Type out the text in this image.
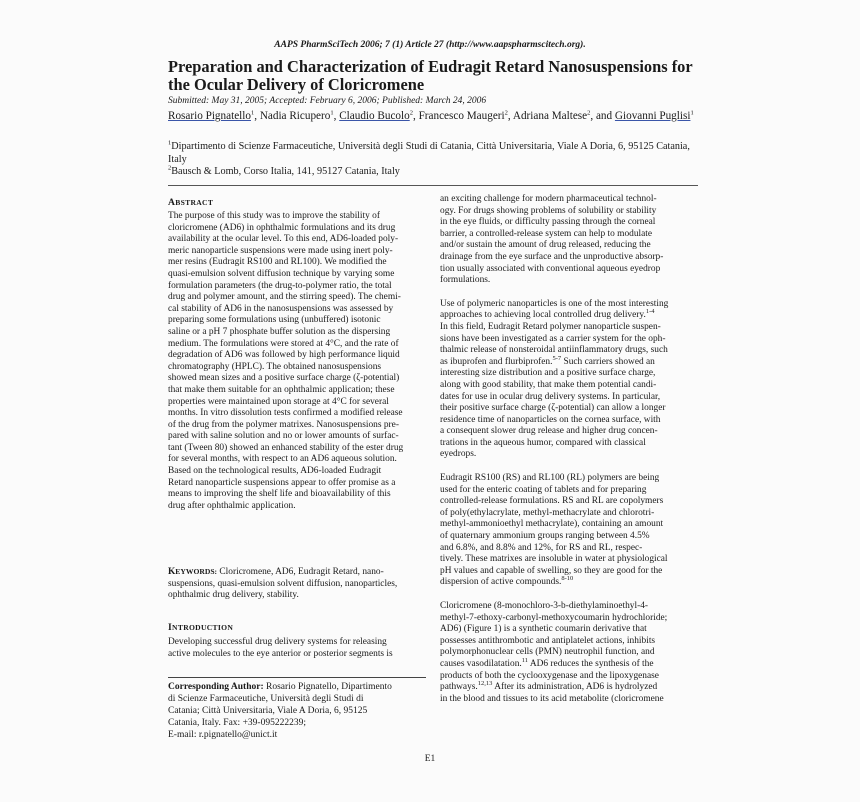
AAPS PharmSciTech 2006; 7 (1) Article 27 (http://www.aapspharmscitech.org).
Preparation and Characterization of Eudragit Retard Nanosuspensions for the Ocular Delivery of Cloricromene
Submitted: May 31, 2005; Accepted: February 6, 2006; Published: March 24, 2006
Rosario Pignatello$^1$, Nadia Ricupero$^1$, Claudio Bucolo$^2$, Francesco Maugeri$^2$, Adriana Maltese$^2$, and Giovanni Puglisi$^1$
$^1$Dipartimento di Scienze Farmaceutiche, Università degli Studi di Catania, Città Universitaria, Viale A Doria, 6, 95125 Catania, Italy
$^2$Bausch & Lomb, Corso Italia, 141, 95127 Catania, Italy
ABSTRACT
The purpose of this study was to improve the stability of
cloricromene (AD6) in ophthalmic formulations and its drug
availability at the ocular level. To this end, AD6-loaded poly-
meric nanoparticle suspensions were made using inert poly-
mer resins (Eudragit RS100 and RL100). We modified the
quasi-emulsion solvent diffusion technique by varying some
formulation parameters (the drug-to-polymer ratio, the total
drug and polymer amount, and the stirring speed). The chemi-
cal stability of AD6 in the nanosuspensions was assessed by
preparing some formulations using (unbuffered) isotonic
saline or a pH 7 phosphate buffer solution as the dispersing
medium. The formulations were stored at 4°C, and the rate of
degradation of AD6 was followed by high performance liquid
chromatography (HPLC). The obtained nanosuspensions
showed mean sizes and a positive surface charge (ζ-potential)
that make them suitable for an ophthalmic application; these
properties were maintained upon storage at 4°C for several
months. In vitro dissolution tests confirmed a modified release
of the drug from the polymer matrixes. Nanosuspensions pre-
pared with saline solution and no or lower amounts of surfac-
tant (Tween 80) showed an enhanced stability of the ester drug
for several months, with respect to an AD6 aqueous solution.
Based on the technological results, AD6-loaded Eudragit
Retard nanoparticle suspensions appear to offer promise as a
means to improving the shelf life and bioavailability of this
drug after ophthalmic application.
KEYWORDS: Cloricromene, AD6, Eudragit Retard, nano-
suspensions, quasi-emulsion solvent diffusion, nanoparticles,
ophthalmic drug delivery, stability.
INTRODUCTION
Developing successful drug delivery systems for releasing
active molecules to the eye anterior or posterior segments is
Corresponding Author: Rosario Pignatello, Dipartimento
di Scienze Farmaceutiche, Università degli Studi di
Catania; Città Universitaria, Viale A Doria, 6, 95125
Catania, Italy. Fax: +39-095222239;
E-mail: r.pignatello@unict.it
an exciting challenge for modern pharmaceutical technol-
ogy. For drugs showing problems of solubility or stability
in the eye fluids, or difficulty passing through the corneal
barrier, a controlled-release system can help to modulate
and/or sustain the amount of drug released, reducing the
drainage from the eye surface and the unproductive absorp-
tion usually associated with conventional aqueous eyedrop
formulations.
Use of polymeric nanoparticles is one of the most interesting
approaches to achieving local controlled drug delivery.$^{1-4}$
In this field, Eudragit Retard polymer nanoparticle suspen-
sions have been investigated as a carrier system for the oph-
thalmic release of nonsteroidal antiinflammatory drugs, such
as ibuprofen and flurbiprofen.$^{5-7}$ Such carriers showed an
interesting size distribution and a positive surface charge,
along with good stability, that make them potential candi-
dates for use in ocular drug delivery systems. In particular,
their positive surface charge (ζ-potential) can allow a longer
residence time of nanoparticles on the cornea surface, with
a consequent slower drug release and higher drug concen-
trations in the aqueous humor, compared with classical
eyedrops.
Eudragit RS100 (RS) and RL100 (RL) polymers are being
used for the enteric coating of tablets and for preparing
controlled-release formulations. RS and RL are copolymers
of poly(ethylacrylate, methyl-methacrylate and chlorotri-
methyl-ammonioethyl methacrylate), containing an amount
of quaternary ammonium groups ranging between 4.5%
and 6.8%, and 8.8% and 12%, for RS and RL, respec-
tively. These matrixes are insoluble in water at physiological
pH values and capable of swelling, so they are good for the
dispersion of active compounds.$^{8-10}$
Cloricromene (8-monochloro-3-b-diethylaminoethyl-4-
methyl-7-ethoxy-carbonyl-methoxycoumarin hydrochloride;
AD6) (Figure 1) is a synthetic coumarin derivative that
possesses antithrombotic and antiplatelet actions, inhibits
polymorphonuclear cells (PMN) neutrophil function, and
causes vasodilatation.$^{11}$ AD6 reduces the synthesis of the
products of both the cyclooxygenase and the lipoxygenase
pathways.$^{12,13}$ After its administration, AD6 is hydrolyzed
in the blood and tissues to its acid metabolite (cloricromene
E1
